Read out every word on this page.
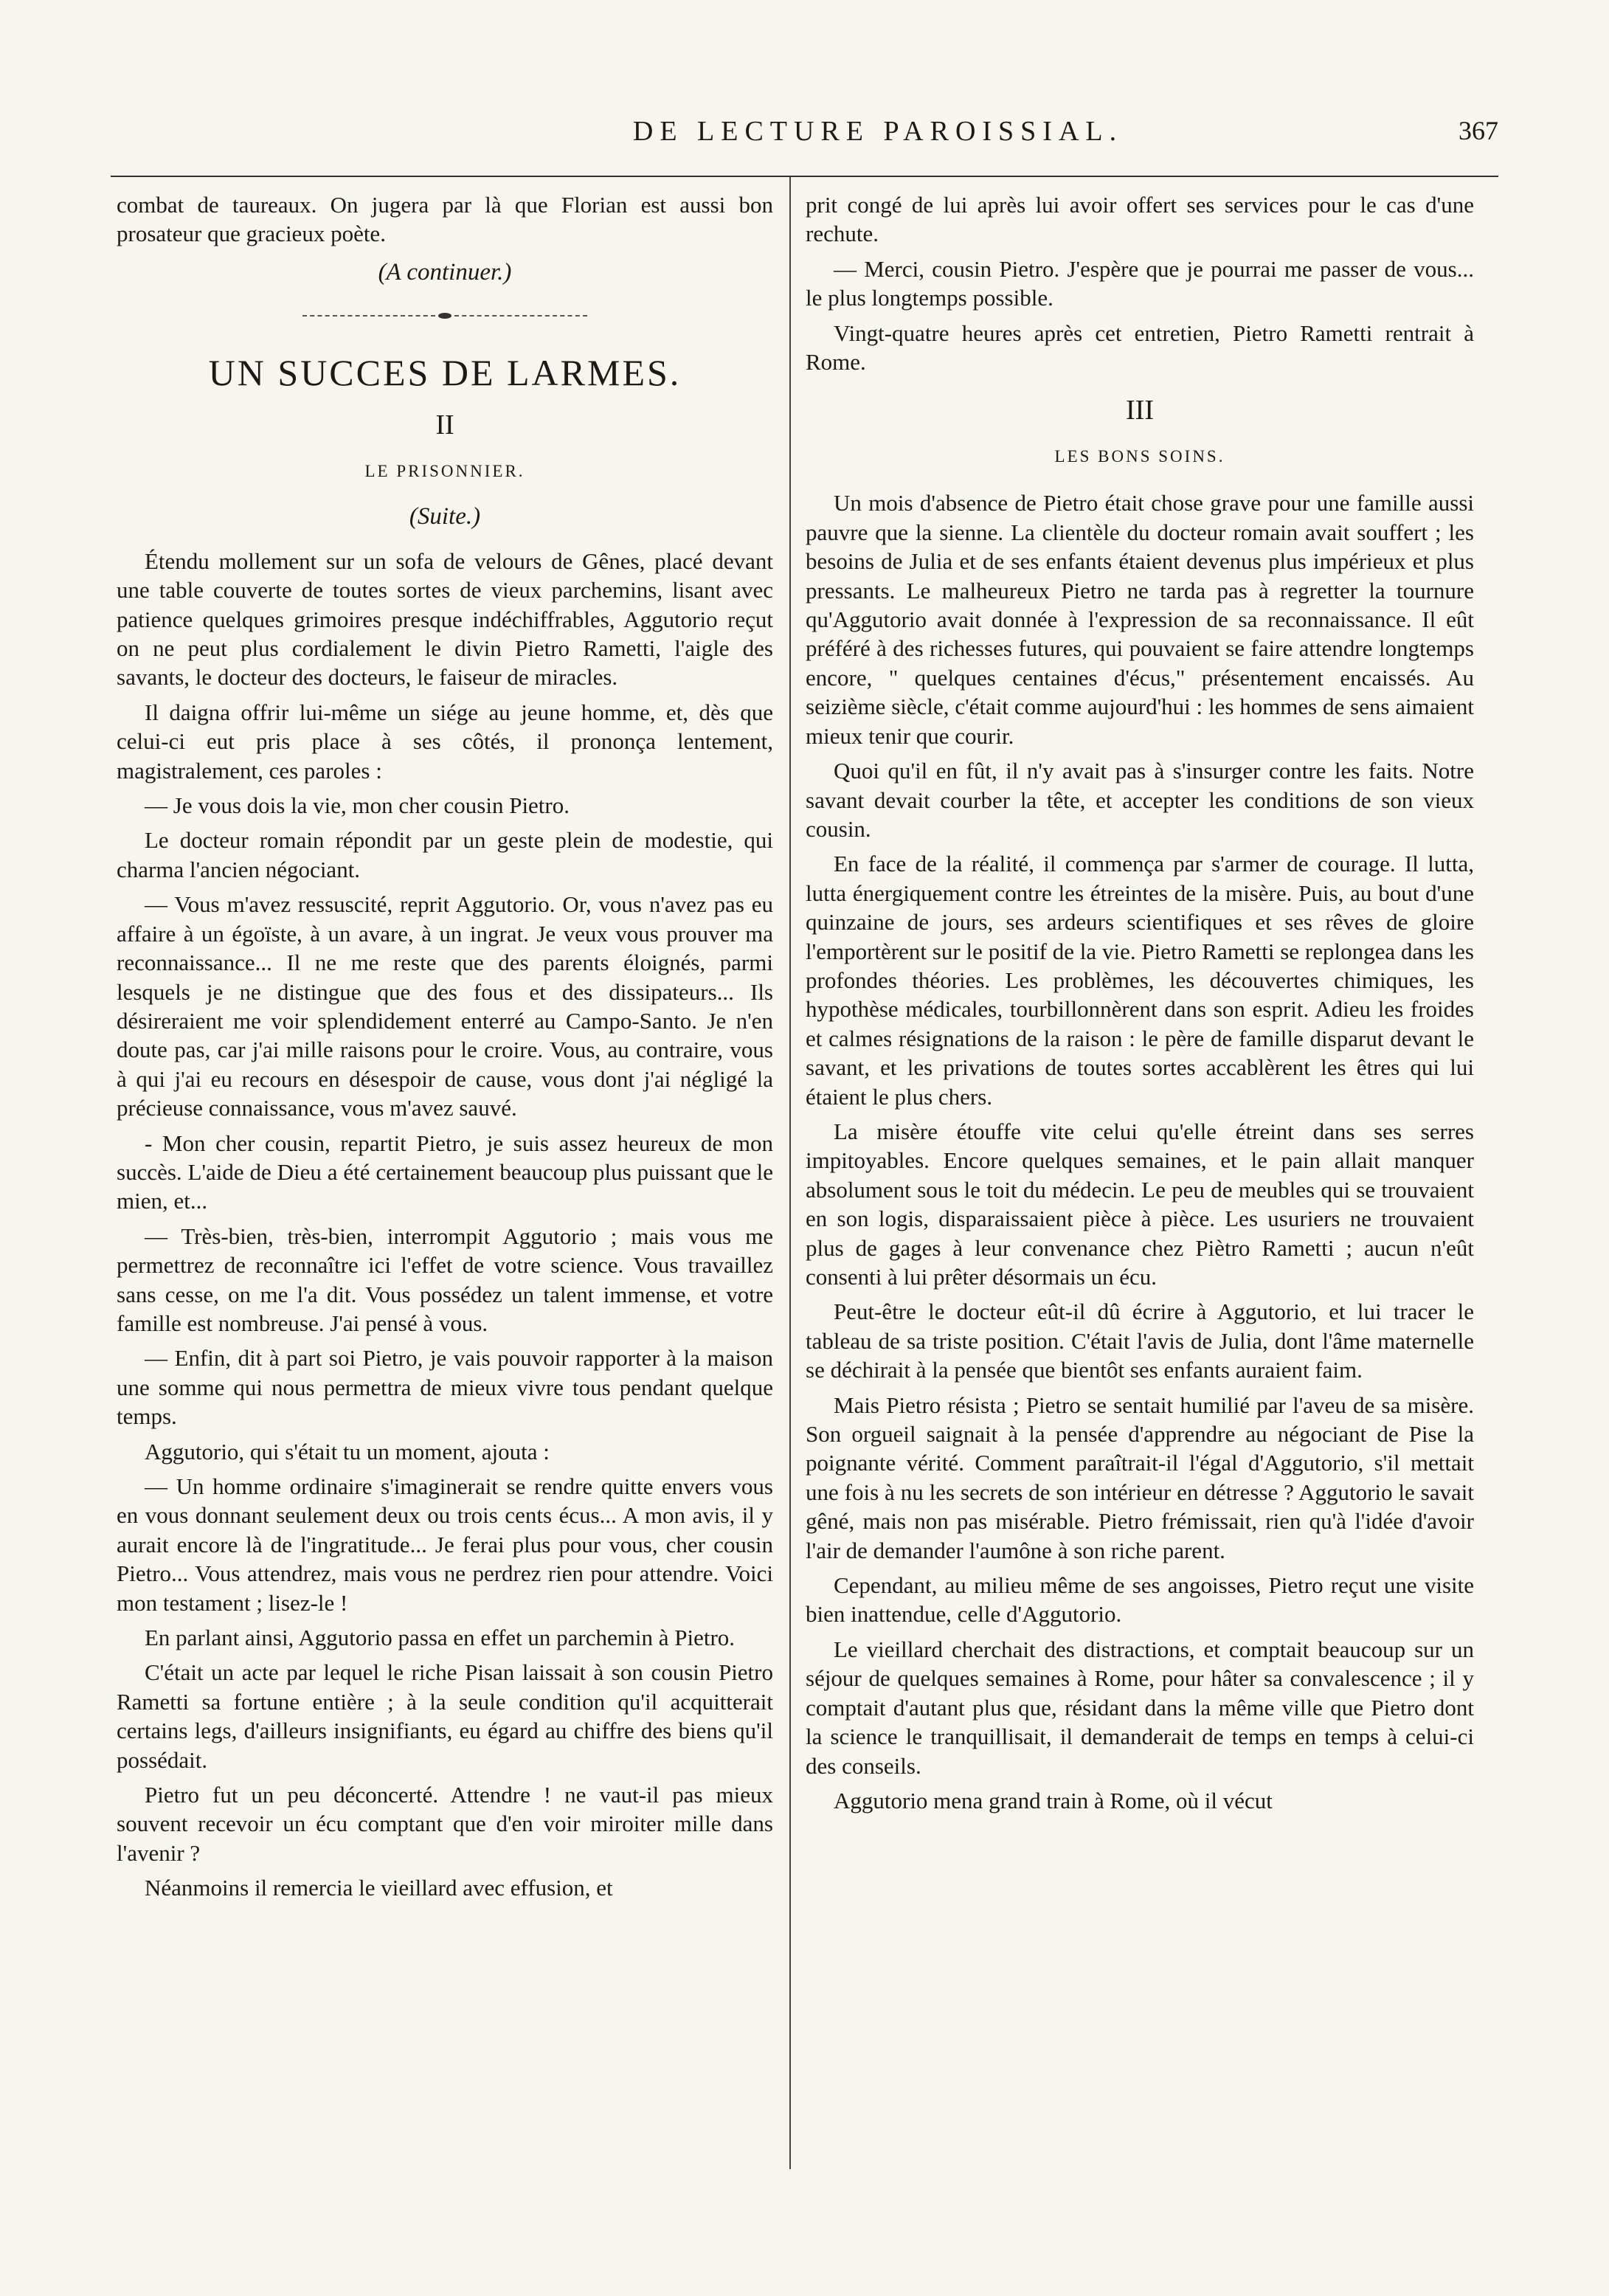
DE LECTURE PAROISSIAL.	367

combat de taureaux. On jugera par là que Florian est aussi bon prosateur que gracieux poète.

(A continuer.)
UN SUCCES DE LARMES.
II
LE PRISONNIER.
(Suite.)

Étendu mollement sur un sofa de velours de Gênes, placé devant une table couverte de toutes sortes de vieux parchemins, lisant avec patience quelques grimoires presque indéchiffrables, Aggutorio reçut on ne peut plus cordialement le divin Pietro Rametti, l'aigle des savants, le docteur des docteurs, le faiseur de miracles.

Il daigna offrir lui-même un siége au jeune homme, et, dès que celui-ci eut pris place à ses côtés, il prononça lentement, magistralement, ces paroles :

— Je vous dois la vie, mon cher cousin Pietro.

Le docteur romain répondit par un geste plein de modestie, qui charma l'ancien négociant.

— Vous m'avez ressuscité, reprit Aggutorio. Or, vous n'avez pas eu affaire à un égoïste, à un avare, à un ingrat. Je veux vous prouver ma reconnaissance... Il ne me reste que des parents éloignés, parmi lesquels je ne distingue que des fous et des dissipateurs... Ils désireraient me voir splendidement enterré au Campo-Santo. Je n'en doute pas, car j'ai mille raisons pour le croire. Vous, au contraire, vous à qui j'ai eu recours en désespoir de cause, vous dont j'ai négligé la précieuse connaissance, vous m'avez sauvé.

- Mon cher cousin, repartit Pietro, je suis assez heureux de mon succès. L'aide de Dieu a été certainement beaucoup plus puissant que le mien, et...

— Très-bien, très-bien, interrompit Aggutorio ; mais vous me permettrez de reconnaître ici l'effet de votre science. Vous travaillez sans cesse, on me l'a dit. Vous possédez un talent immense, et votre famille est nombreuse. J'ai pensé à vous.

— Enfin, dit à part soi Pietro, je vais pouvoir rapporter à la maison une somme qui nous permettra de mieux vivre tous pendant quelque temps.

Aggutorio, qui s'était tu un moment, ajouta :

— Un homme ordinaire s'imaginerait se rendre quitte envers vous en vous donnant seulement deux ou trois cents écus... A mon avis, il y aurait encore là de l'ingratitude... Je ferai plus pour vous, cher cousin Pietro... Vous attendrez, mais vous ne perdrez rien pour attendre. Voici mon testament ; lisez-le !

En parlant ainsi, Aggutorio passa en effet un parchemin à Pietro.

C'était un acte par lequel le riche Pisan laissait à son cousin Pietro Rametti sa fortune entière ; à la seule condition qu'il acquitterait certains legs, d'ailleurs insignifiants, eu égard au chiffre des biens qu'il possédait.

Pietro fut un peu déconcerté. Attendre ! ne vaut-il pas mieux souvent recevoir un écu comptant que d'en voir miroiter mille dans l'avenir ?

Néanmoins il remercia le vieillard avec effusion, et

prit congé de lui après lui avoir offert ses services pour le cas d'une rechute.

— Merci, cousin Pietro. J'espère que je pourrai me passer de vous... le plus longtemps possible.

Vingt-quatre heures après cet entretien, Pietro Rametti rentrait à Rome.

III
LES BONS SOINS.

Un mois d'absence de Pietro était chose grave pour une famille aussi pauvre que la sienne. La clientèle du docteur romain avait souffert ; les besoins de Julia et de ses enfants étaient devenus plus impérieux et plus pressants. Le malheureux Pietro ne tarda pas à regretter la tournure qu'Aggutorio avait donnée à l'expression de sa reconnaissance. Il eût préféré à des richesses futures, qui pouvaient se faire attendre longtemps encore, " quelques centaines d'écus," présentement encaissés. Au seizième siècle, c'était comme aujourd'hui : les hommes de sens aimaient mieux tenir que courir.

Quoi qu'il en fût, il n'y avait pas à s'insurger contre les faits. Notre savant devait courber la tête, et accepter les conditions de son vieux cousin.

En face de la réalité, il commença par s'armer de courage. Il lutta, lutta énergiquement contre les étreintes de la misère. Puis, au bout d'une quinzaine de jours, ses ardeurs scientifiques et ses rêves de gloire l'emportèrent sur le positif de la vie. Pietro Rametti se replongea dans les profondes théories. Les problèmes, les découvertes chimiques, les hypothèse médicales, tourbillonnèrent dans son esprit. Adieu les froides et calmes résignations de la raison : le père de famille disparut devant le savant, et les privations de toutes sortes accablèrent les êtres qui lui étaient le plus chers.

La misère étouffe vite celui qu'elle étreint dans ses serres impitoyables. Encore quelques semaines, et le pain allait manquer absolument sous le toit du médecin. Le peu de meubles qui se trouvaient en son logis, disparaissaient pièce à pièce. Les usuriers ne trouvaient plus de gages à leur convenance chez Piètro Rametti ; aucun n'eût consenti à lui prêter désormais un écu.

Peut-être le docteur eût-il dû écrire à Aggutorio, et lui tracer le tableau de sa triste position. C'était l'avis de Julia, dont l'âme maternelle se déchirait à la pensée que bientôt ses enfants auraient faim.

Mais Pietro résista ; Pietro se sentait humilié par l'aveu de sa misère. Son orgueil saignait à la pensée d'apprendre au négociant de Pise la poignante vérité. Comment paraîtrait-il l'égal d'Aggutorio, s'il mettait une fois à nu les secrets de son intérieur en détresse ? Aggutorio le savait gêné, mais non pas misérable. Pietro frémissait, rien qu'à l'idée d'avoir l'air de demander l'aumône à son riche parent.

Cependant, au milieu même de ses angoisses, Pietro reçut une visite bien inattendue, celle d'Aggutorio.

Le vieillard cherchait des distractions, et comptait beaucoup sur un séjour de quelques semaines à Rome, pour hâter sa convalescence ; il y comptait d'autant plus que, résidant dans la même ville que Pietro dont la science le tranquillisait, il demanderait de temps en temps à celui-ci des conseils.

Aggutorio mena grand train à Rome, où il vécut
